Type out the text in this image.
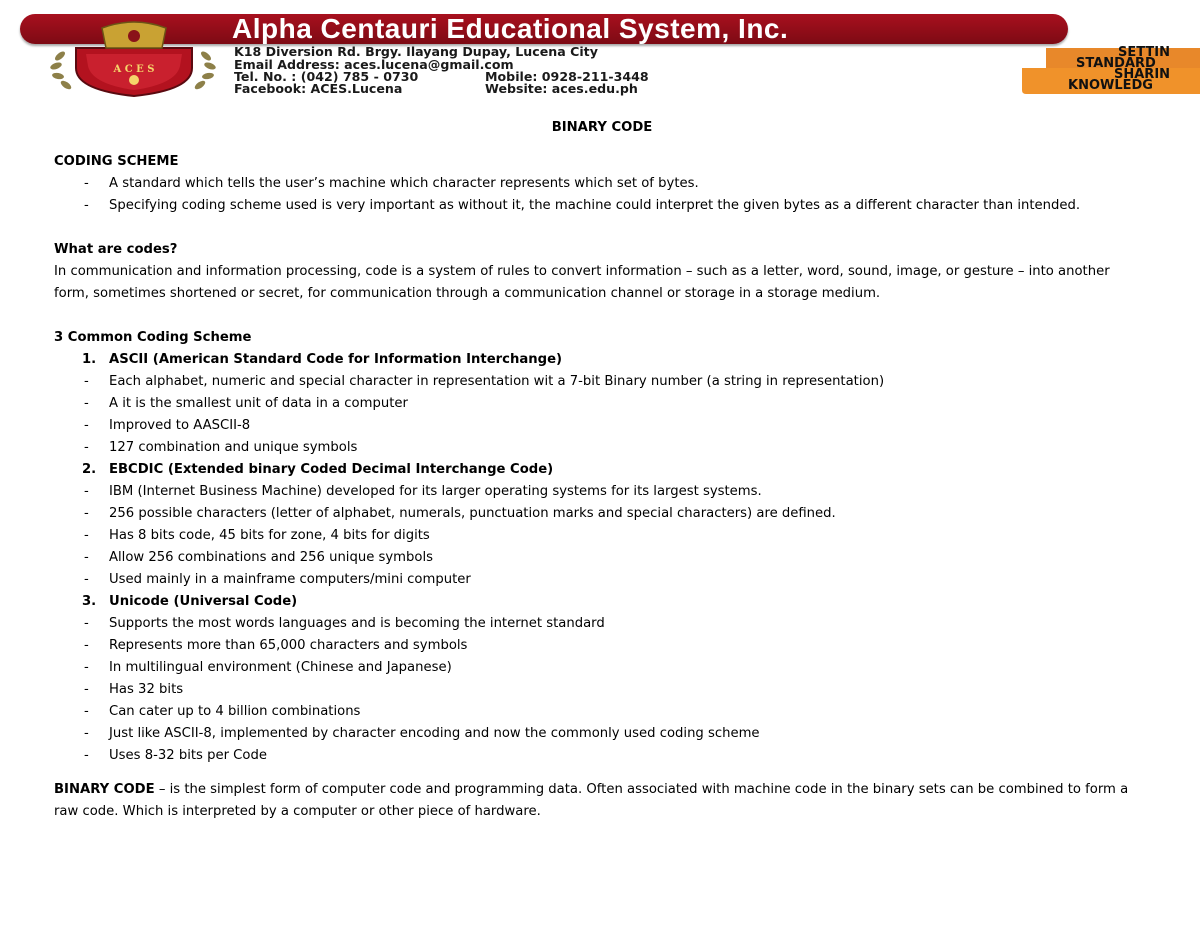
Alpha Centauri Educational System, Inc.
A C E S
K18 Diversion Rd. Brgy. Ilayang Dupay, Lucena City
Email Address: aces.lucena@gmail.com
Tel. No. : (042) 785 - 0730	Mobile: 0928-211-3448
Facebook: ACES.Lucena	Website: aces.edu.ph
SETTIN
STANDARD
SHARIN
KNOWLEDG
BINARY CODE
CODING SCHEME
- A standard which tells the user’s machine which character represents which set of bytes.
- Specifying coding scheme used is very important as without it, the machine could interpret the given bytes as a different character than intended.
What are codes?
In communication and information processing, code is a system of rules to convert information – such as a letter, word, sound, image, or gesture – into another
form, sometimes shortened or secret, for communication through a communication channel or storage in a storage medium.
3 Common Coding Scheme
1. ASCII (American Standard Code for Information Interchange)
- Each alphabet, numeric and special character in representation wit a 7-bit Binary number (a string in representation)
- A it is the smallest unit of data in a computer
- Improved to AASCII-8
- 127 combination and unique symbols
2. EBCDIC (Extended binary Coded Decimal Interchange Code)
- IBM (Internet Business Machine) developed for its larger operating systems for its largest systems.
- 256 possible characters (letter of alphabet, numerals, punctuation marks and special characters) are defined.
- Has 8 bits code, 45 bits for zone, 4 bits for digits
- Allow 256 combinations and 256 unique symbols
- Used mainly in a mainframe computers/mini computer
3. Unicode (Universal Code)
- Supports the most words languages and is becoming the internet standard
- Represents more than 65,000 characters and symbols
- In multilingual environment (Chinese and Japanese)
- Has 32 bits
- Can cater up to 4 billion combinations
- Just like ASCII-8, implemented by character encoding and now the commonly used coding scheme
- Uses 8-32 bits per Code
BINARY CODE – is the simplest form of computer code and programming data. Often associated with machine code in the binary sets can be combined to form a
raw code. Which is interpreted by a computer or other piece of hardware.
